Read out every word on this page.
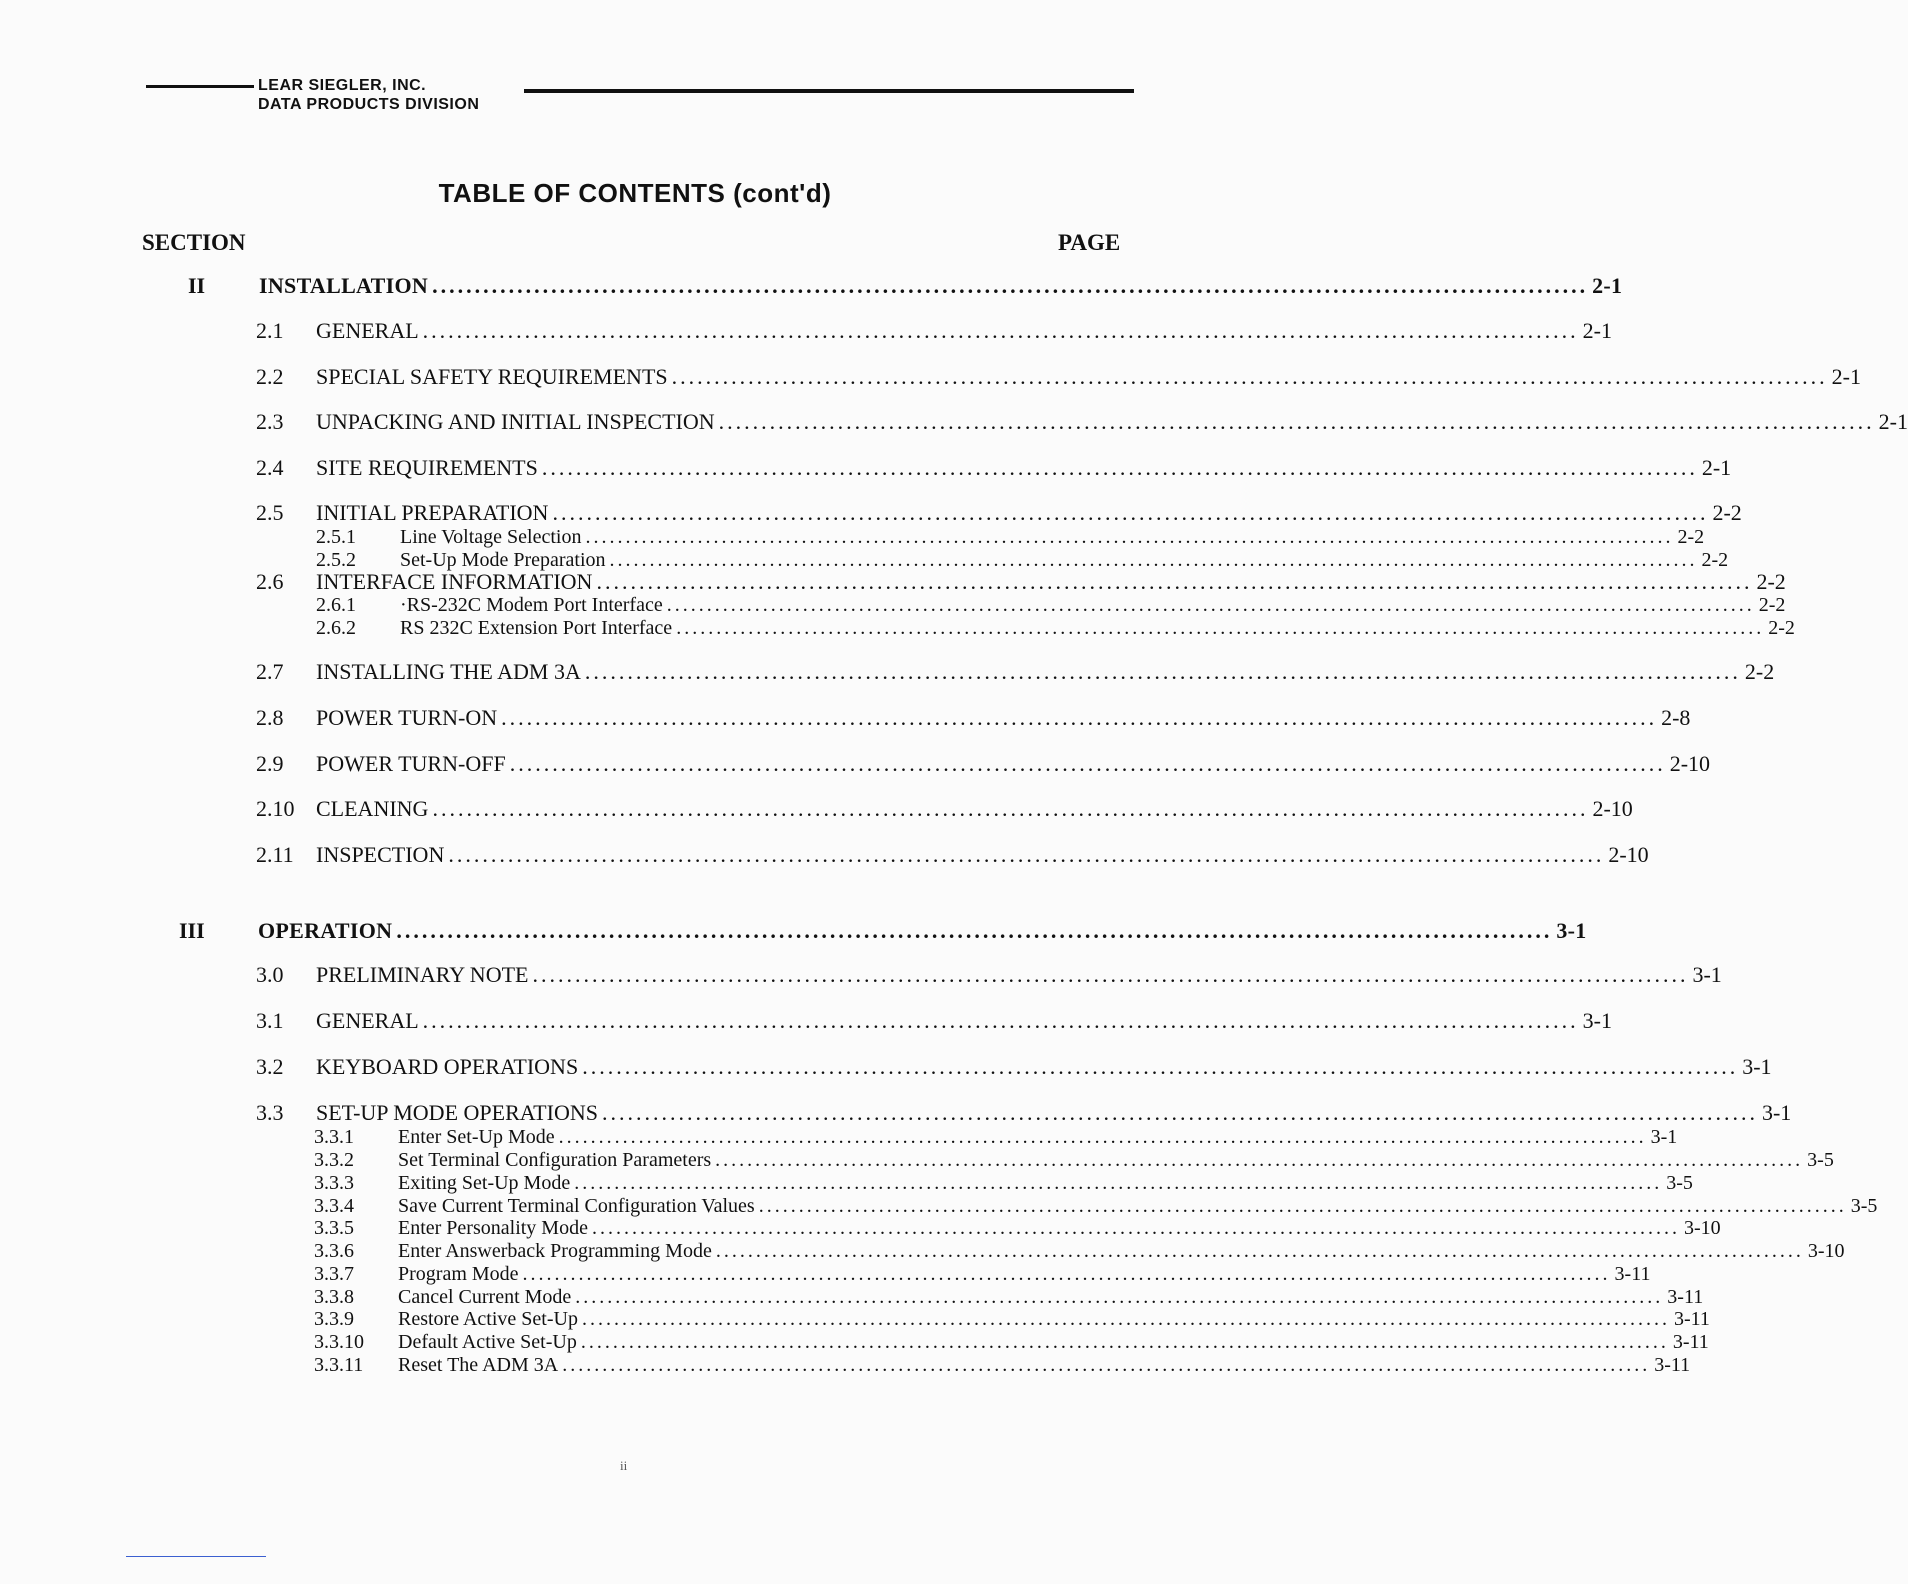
LEAR SIEGLER, INC.
DATA PRODUCTS DIVISION
TABLE OF CONTENTS (cont'd)
SECTION	PAGE
II INSTALLATION ........................................................................................................................................ 2-1
2.1	GENERAL ........................................................................................................................................ 2-1
2.2	SPECIAL SAFETY REQUIREMENTS ........................................................................................................................................ 2-1
2.3	UNPACKING AND INITIAL INSPECTION ........................................................................................................................................ 2-1
2.4	SITE REQUIREMENTS ........................................................................................................................................ 2-1
2.5	INITIAL PREPARATION ........................................................................................................................................ 2-2
2.5.1	Line Voltage Selection ........................................................................................................................................ 2-2
2.5.2	Set-Up Mode Preparation ........................................................................................................................................ 2-2
2.6	INTERFACE INFORMATION ........................................................................................................................................ 2-2
2.6.1	·RS-232C Modem Port Interface ........................................................................................................................................ 2-2
2.6.2	RS 232C Extension Port Interface ........................................................................................................................................ 2-2
2.7	INSTALLING THE ADM 3A ........................................................................................................................................ 2-2
2.8	POWER TURN-ON ........................................................................................................................................ 2-8
2.9	POWER TURN-OFF ........................................................................................................................................ 2-10
2.10 CLEANING ........................................................................................................................................ 2-10
2.11	INSPECTION ........................................................................................................................................ 2-10
III OPERATION ........................................................................................................................................ 3-1
3.0	PRELIMINARY NOTE ........................................................................................................................................ 3-1
3.1	GENERAL ........................................................................................................................................ 3-1
3.2	KEYBOARD OPERATIONS ........................................................................................................................................ 3-1
3.3	SET-UP MODE OPERATIONS ........................................................................................................................................ 3-1
3.3.1	Enter Set-Up Mode ........................................................................................................................................ 3-1
3.3.2	Set Terminal Configuration Parameters ........................................................................................................................................ 3-5
3.3.3	Exiting Set-Up Mode ........................................................................................................................................ 3-5
3.3.4	Save Current Terminal Configuration Values ........................................................................................................................................ 3-5
3.3.5	Enter Personality Mode ........................................................................................................................................ 3-10
3.3.6	Enter Answerback Programming Mode ........................................................................................................................................ 3-10
3.3.7	Program Mode ........................................................................................................................................ 3-11
3.3.8	Cancel Current Mode ........................................................................................................................................ 3-11
3.3.9	Restore Active Set-Up ........................................................................................................................................ 3-11
3.3.10	Default Active Set-Up ........................................................................................................................................ 3-11
3.3.11	Reset The ADM 3A ........................................................................................................................................ 3-11
ii
